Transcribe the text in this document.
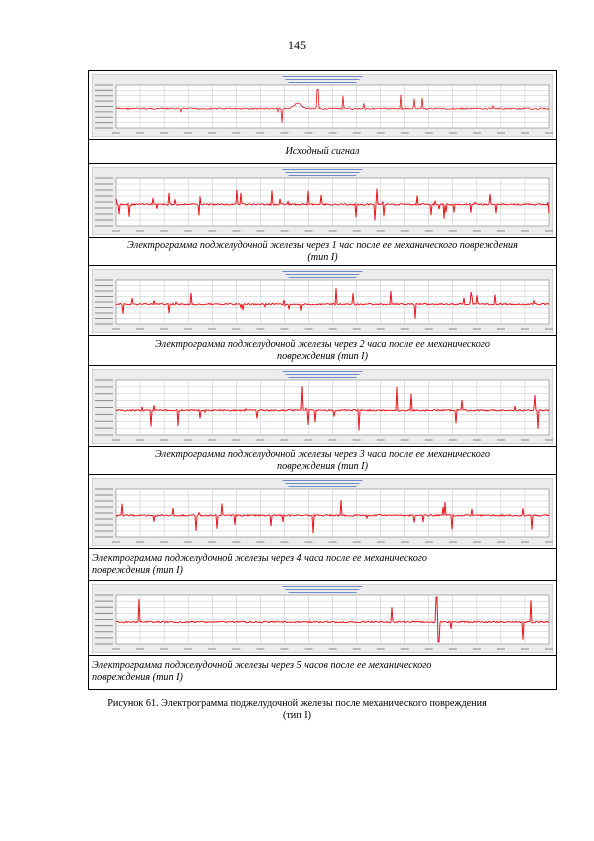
145
Исходный сигнал
Электрограмма поджелудочной железы через 1 час после ее механического повреждения
(тип I)
Электрограмма поджелудочной железы через 2 часа после ее механического
повреждения (тип I)
Электрограмма поджелудочной железы через 3 часа после ее механического
повреждения (тип I)
Электрограмма поджелудочной железы через 4 часа после ее механического
повреждения (тип I)
Электрограмма поджелудочной железы через 5 часов после ее механического
повреждения (тип I)
Рисунок 61. Электрограмма поджелудочной железы после механического повреждения
(тип I)
